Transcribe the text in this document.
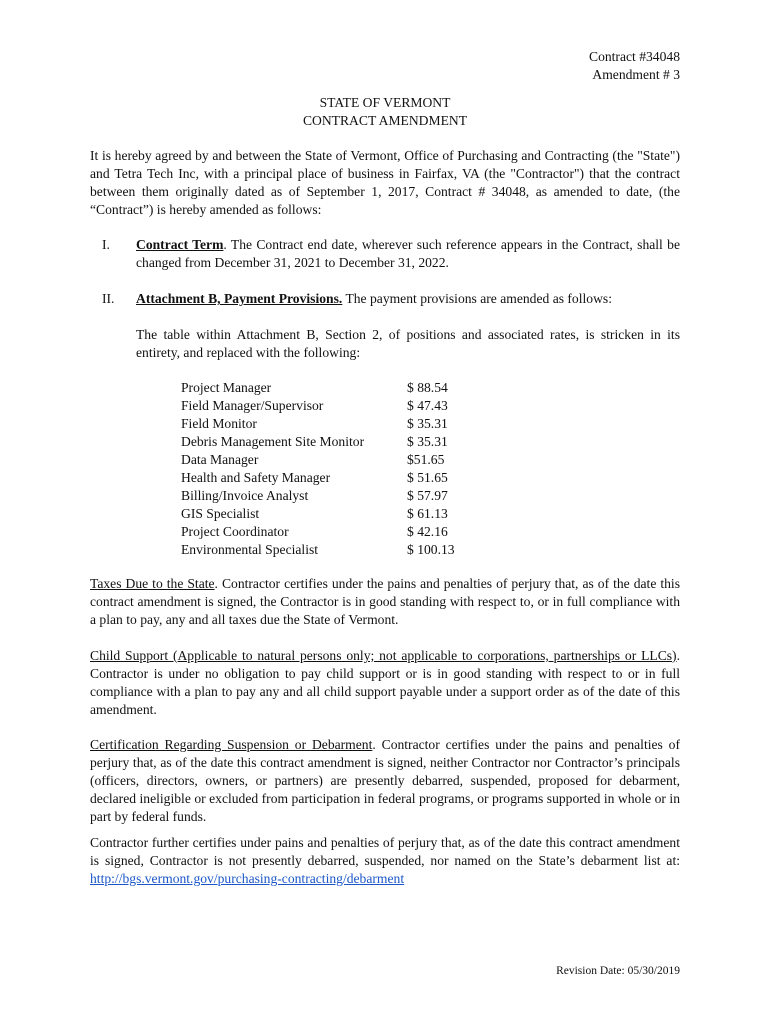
Contract #34048
Amendment # 3
STATE OF VERMONT
CONTRACT AMENDMENT
It is hereby agreed by and between the State of Vermont, Office of Purchasing and Contracting (the "State") and Tetra Tech Inc, with a principal place of business in Fairfax, VA (the "Contractor") that the contract between them originally dated as of September 1, 2017, Contract # 34048, as amended to date, (the “Contract”) is hereby amended as follows:
I. Contract Term. The Contract end date, wherever such reference appears in the Contract, shall be changed from December 31, 2021 to December 31, 2022.
II. Attachment B, Payment Provisions. The payment provisions are amended as follows:
The table within Attachment B, Section 2, of positions and associated rates, is stricken in its entirety, and replaced with the following:
Project Manager	$ 88.54
Field Manager/Supervisor	$ 47.43
Field Monitor	$ 35.31
Debris Management Site Monitor	$ 35.31
Data Manager	$51.65
Health and Safety Manager	$ 51.65
Billing/Invoice Analyst	$ 57.97
GIS Specialist	$ 61.13
Project Coordinator	$ 42.16
Environmental Specialist	$ 100.13
Taxes Due to the State. Contractor certifies under the pains and penalties of perjury that, as of the date this contract amendment is signed, the Contractor is in good standing with respect to, or in full compliance with a plan to pay, any and all taxes due the State of Vermont.
Child Support (Applicable to natural persons only; not applicable to corporations, partnerships or LLCs). Contractor is under no obligation to pay child support or is in good standing with respect to or in full compliance with a plan to pay any and all child support payable under a support order as of the date of this amendment.
Certification Regarding Suspension or Debarment. Contractor certifies under the pains and penalties of perjury that, as of the date this contract amendment is signed, neither Contractor nor Contractor’s principals (officers, directors, owners, or partners) are presently debarred, suspended, proposed for debarment, declared ineligible or excluded from participation in federal programs, or programs supported in whole or in part by federal funds.
Contractor further certifies under pains and penalties of perjury that, as of the date this contract amendment is signed, Contractor is not presently debarred, suspended, nor named on the State’s debarment list at: http://bgs.vermont.gov/purchasing-contracting/debarment
Revision Date: 05/30/2019
